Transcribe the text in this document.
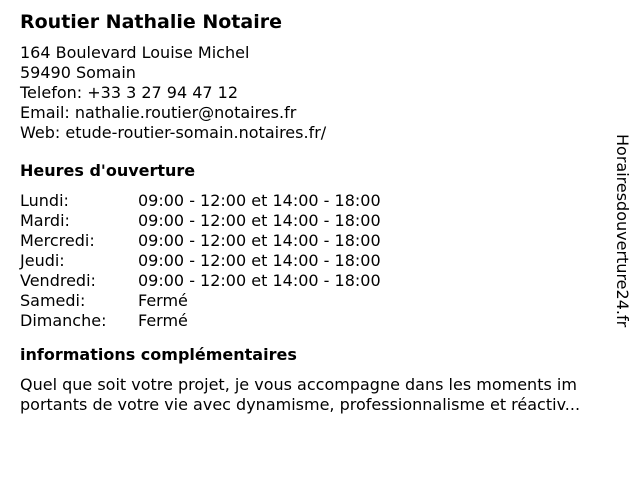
Routier Nathalie Notaire
164 Boulevard Louise Michel
59490 Somain
Telefon: +33 3 27 94 47 12
Email: nathalie.routier@notaires.fr
Web: etude-routier-somain.notaires.fr/
Heures d'ouverture
Lundi:	09:00 - 12:00 et 14:00 - 18:00
Mardi:	09:00 - 12:00 et 14:00 - 18:00
Mercredi:	09:00 - 12:00 et 14:00 - 18:00
Jeudi:	09:00 - 12:00 et 14:00 - 18:00
Vendredi:	09:00 - 12:00 et 14:00 - 18:00
Samedi:	Fermé
Dimanche:	Fermé
informations complémentaires
Quel que soit votre projet, je vous accompagne dans les moments im
portants de votre vie avec dynamisme, professionnalisme et réactiv...
Horairesdouverture24.fr
